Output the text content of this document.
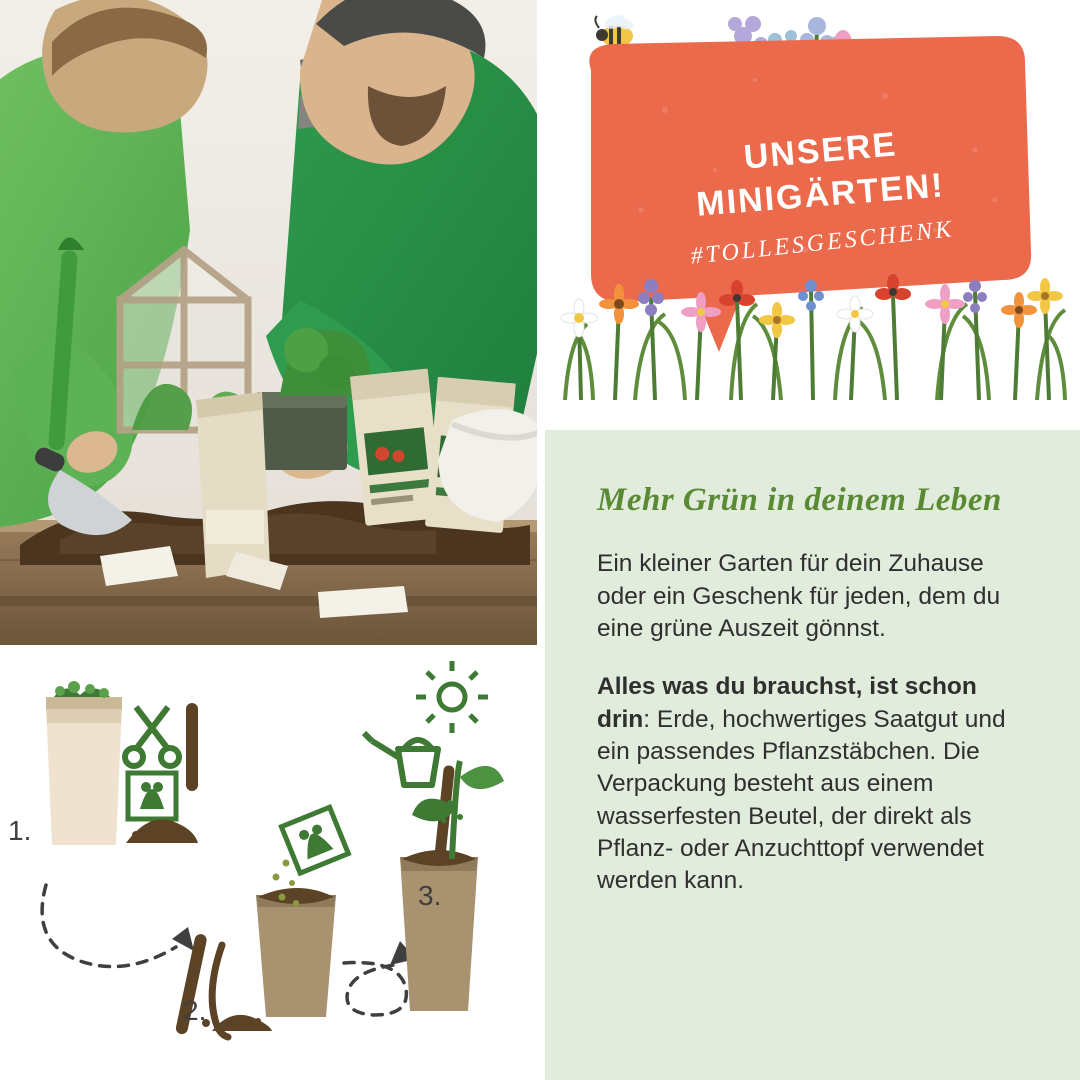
UNSERE
MINIGÄRTEN!
#TOLLESGESCHENK
Mehr Grün in deinem Leben

Ein kleiner Garten für dein Zuhause oder ein Geschenk für jeden, dem du eine grüne Auszeit gönnst.

Alles was du brauchst, ist schon drin: Erde, hochwertiges Saatgut und ein passendes Pflanzstäbchen. Die Verpackung besteht aus einem wasserfesten Beutel, der direkt als Pflanz- oder Anzuchttopf verwendet werden kann.

1.
2.
3.
